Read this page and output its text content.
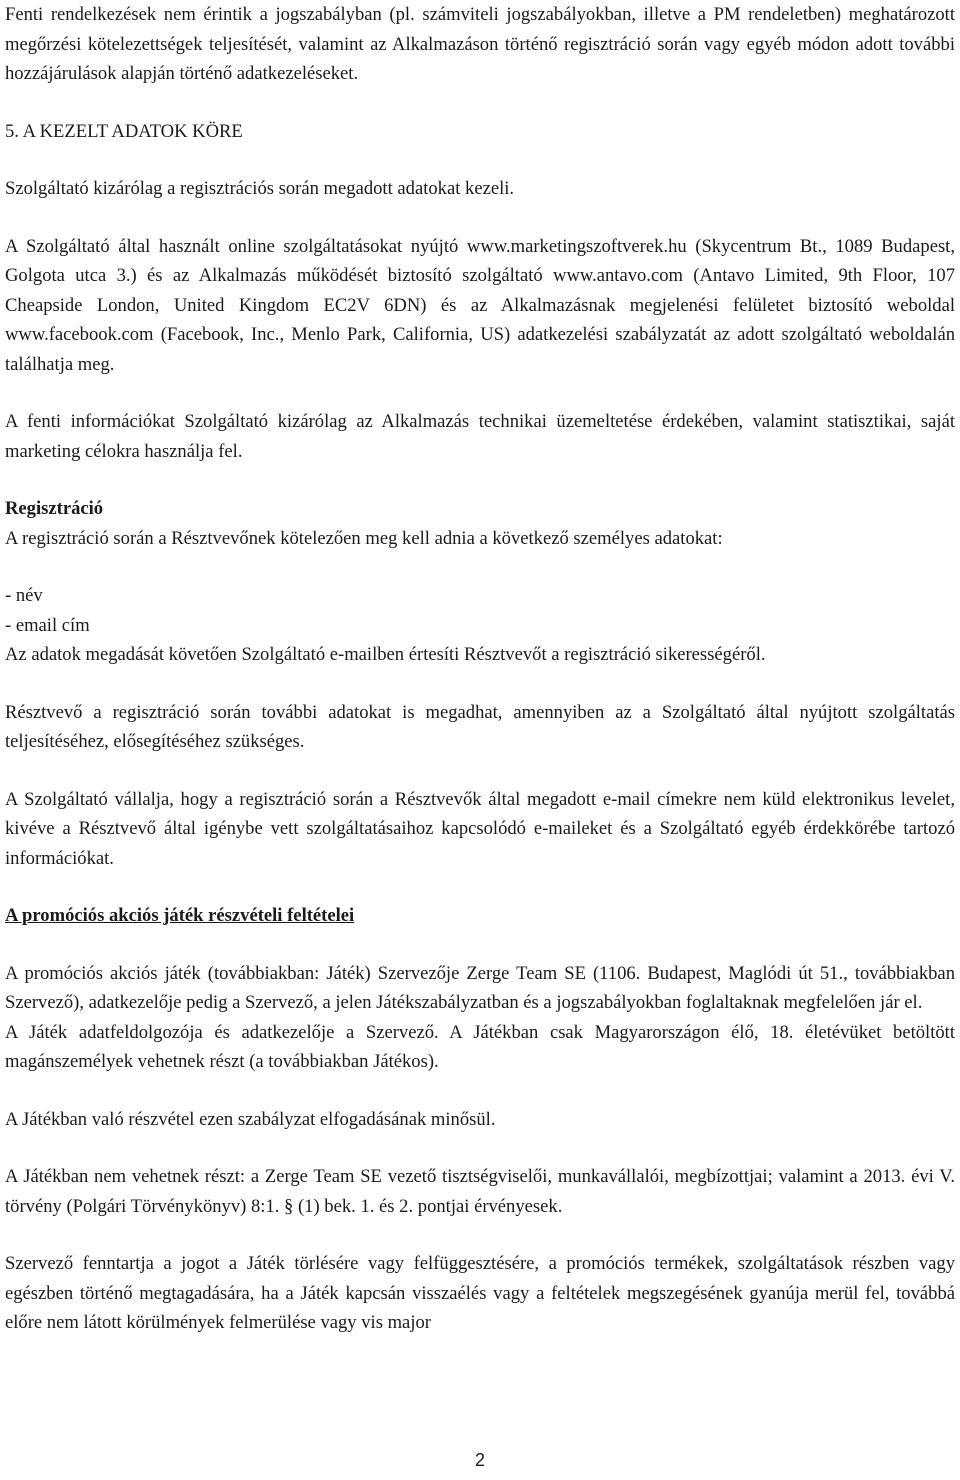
Fenti rendelkezések nem érintik a jogszabályban (pl. számviteli jogszabályokban, illetve a PM rendeletben) meghatározott megőrzési kötelezettségek teljesítését, valamint az Alkalmazáson történő regisztráció során vagy egyéb módon adott további hozzájárulások alapján történő adatkezeléseket.

5. A KEZELT ADATOK KÖRE

Szolgáltató kizárólag a regisztrációs során megadott adatokat kezeli.

A Szolgáltató által használt online szolgáltatásokat nyújtó www.marketingszoftverek.hu (Skycentrum Bt., 1089 Budapest, Golgota utca 3.) és az Alkalmazás működését biztosító szolgáltató www.antavo.com (Antavo Limited, 9th Floor, 107 Cheapside London, United Kingdom EC2V 6DN) és az Alkalmazásnak megjelenési felületet biztosító weboldal www.facebook.com (Facebook, Inc., Menlo Park, California, US) adatkezelési szabályzatát az adott szolgáltató weboldalán találhatja meg.

A fenti információkat Szolgáltató kizárólag az Alkalmazás technikai üzemeltetése érdekében, valamint statisztikai, saját marketing célokra használja fel.

Regisztráció

A regisztráció során a Résztvevőnek kötelezően meg kell adnia a következő személyes adatokat:

- név

- email cím

Az adatok megadását követően Szolgáltató e-mailben értesíti Résztvevőt a regisztráció sikerességéről.

Résztvevő a regisztráció során további adatokat is megadhat, amennyiben az a Szolgáltató által nyújtott szolgáltatás teljesítéséhez, elősegítéséhez szükséges.

A Szolgáltató vállalja, hogy a regisztráció során a Résztvevők által megadott e-mail címekre nem küld elektronikus levelet, kivéve a Résztvevő által igénybe vett szolgáltatásaihoz kapcsolódó e-maileket és a Szolgáltató egyéb érdekkörébe tartozó információkat.

A promóciós akciós játék részvételi feltételei

A promóciós akciós játék (továbbiakban: Játék) Szervezője Zerge Team SE (1106. Budapest, Maglódi út 51., továbbiakban Szervező), adatkezelője pedig a Szervező, a jelen Játékszabályzatban és a jogszabályokban foglaltaknak megfelelően jár el.

A Játék adatfeldolgozója és adatkezelője a Szervező. A Játékban csak Magyarországon élő, 18. életévüket betöltött magánszemélyek vehetnek részt (a továbbiakban Játékos).

A Játékban való részvétel ezen szabályzat elfogadásának minősül.

A Játékban nem vehetnek részt: a Zerge Team SE vezető tisztségviselői, munkavállalói, megbízottjai; valamint a 2013. évi V. törvény (Polgári Törvénykönyv) 8:1. § (1) bek. 1. és 2. pontjai érvényesek.

Szervező fenntartja a jogot a Játék törlésére vagy felfüggesztésére, a promóciós termékek, szolgáltatások részben vagy egészben történő megtagadására, ha a Játék kapcsán visszaélés vagy a feltételek megszegésének gyanúja merül fel, továbbá előre nem látott körülmények felmerülése vagy vis major

2
